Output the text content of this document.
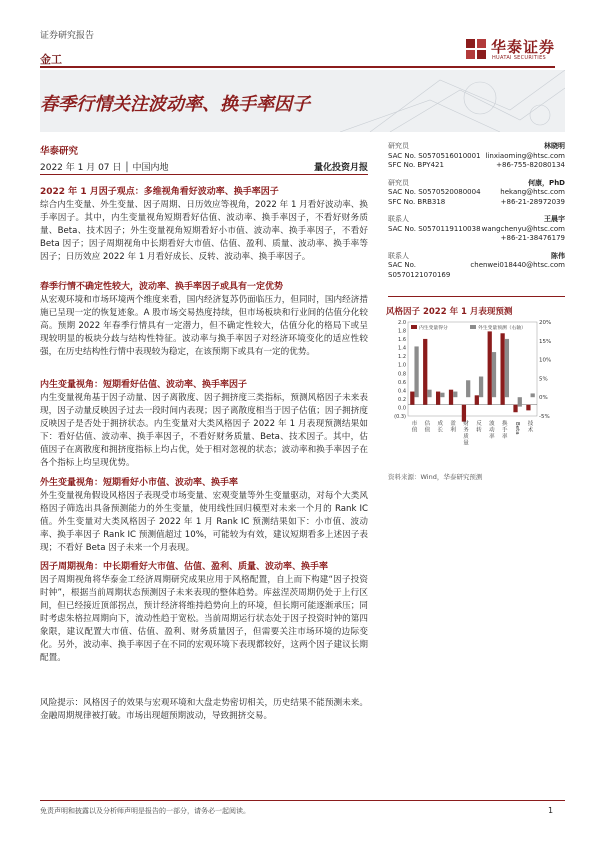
证券研究报告
华泰证券
HUATAI SECURITIES
金工
春季行情关注波动率、换手率因子
华泰研究
2022 年 1 月 07 日 │ 中国内地	量化投资月报
2022 年 1 月因子观点：多维视角看好波动率、换手率因子
综合内生变量、外生变量、因子周期、日历效应等视角，2022 年 1 月看好波动率、换手率因子。其中，内生变量视角短期看好估值、波动率、换手率因子，不看好财务质量、Beta、技术因子；外生变量视角短期看好小市值、波动率、换手率因子，不看好 Beta 因子；因子周期视角中长期看好大市值、估值、盈利、质量、波动率、换手率等因子；日历效应 2022 年 1 月看好成长、反转、波动率、换手率因子。
春季行情不确定性较大，波动率、换手率因子或具有一定优势
从宏观环境和市场环境两个维度来看，国内经济复苏仍面临压力，但同时，国内经济措施已呈现一定的恢复迹象。A 股市场交易热度持续，但市场板块和行业间的估值分化较高。预期 2022 年春季行情具有一定潜力，但不确定性较大，估值分化的格局下或呈现较明显的板块分歧与结构性特征。波动率与换手率因子对经济环境变化的适应性较强，在历史结构性行情中表现较为稳定，在该预期下或具有一定的优势。
内生变量视角：短期看好估值、波动率、换手率因子
内生变量视角基于因子动量、因子离散度、因子拥挤度三类指标，预测风格因子未来表现，因子动量反映因子过去一段时间内表现；因子离散度相当于因子估值；因子拥挤度反映因子是否处于拥挤状态。内生变量对大类风格因子 2022 年 1 月表现预测结果如下：看好估值、波动率、换手率因子，不看好财务质量、Beta、技术因子。其中，估值因子在离散度和拥挤度指标上均占优，处于相对忽视的状态；波动率和换手率因子在各个指标上均呈现优势。
外生变量视角：短期看好小市值、波动率、换手率
外生变量视角假设风格因子表现受市场变量、宏观变量等外生变量驱动，对每个大类风格因子筛选出具备预测能力的外生变量，使用线性回归模型对未来一个月的 Rank IC 值。外生变量对大类风格因子 2022 年 1 月 Rank IC 预测结果如下：小市值、波动率、换手率因子 Rank IC 预测值超过 10%，可能较为有效，建议短期看多上述因子表现；不看好 Beta 因子未来一个月表现。
因子周期视角：中长期看好大市值、估值、盈利、质量、波动率、换手率
因子周期视角将华泰金工经济周期研究成果应用于风格配置，自上而下构建“因子投资时钟”，根据当前周期状态预测因子未来表现的整体趋势。库兹涅茨周期仍处于上行区间，但已经接近顶部拐点，预计经济将维持趋势向上的环境，但长期可能逐渐承压；同时考虑朱格拉周期向下，流动性趋于宽松。当前周期运行状态处于因子投资时钟的第四象限，建议配置大市值、估值、盈利、财务质量因子，但需要关注市场环境的边际变化。另外，波动率、换手率因子在不同的宏观环境下表现都较好，这两个因子建议长期配置。
风险提示：风格因子的效果与宏观环境和大盘走势密切相关，历史结果不能预测未来。金融周期规律被打破。市场出现超预期波动，导致拥挤交易。
研究员	林晓明
SAC No. S0570516010001 linxiaoming@htsc.com
SFC No. BPY421	+86-755-82080134
研究员	何康，PhD
SAC No. S0570520080004	hekang@htsc.com
SFC No. BRB318	+86-21-28972039
联系人	王晨宇
SAC No. S0570119110038 wangchenyu@htsc.com
+86-21-38476179
联系人	陈伟
SAC No. S0570121070169
chenwei018440@htsc.com
风格因子 2022 年 1 月表现预测
2.0
1.8
1.6
1.4
1.2
1.0
0.8
0.6
0.4
0.2
0.0
(0.3)
20%
15%
10%
5%
0%
-5%
市值
估值
成长
盈利
财务质量
反转
波动率
换手率
Beta 技术
内生变量得分	外生变量预测（右轴）
资料来源：Wind，华泰研究预测
免责声明和披露以及分析师声明是报告的一部分，请务必一起阅读。	1
